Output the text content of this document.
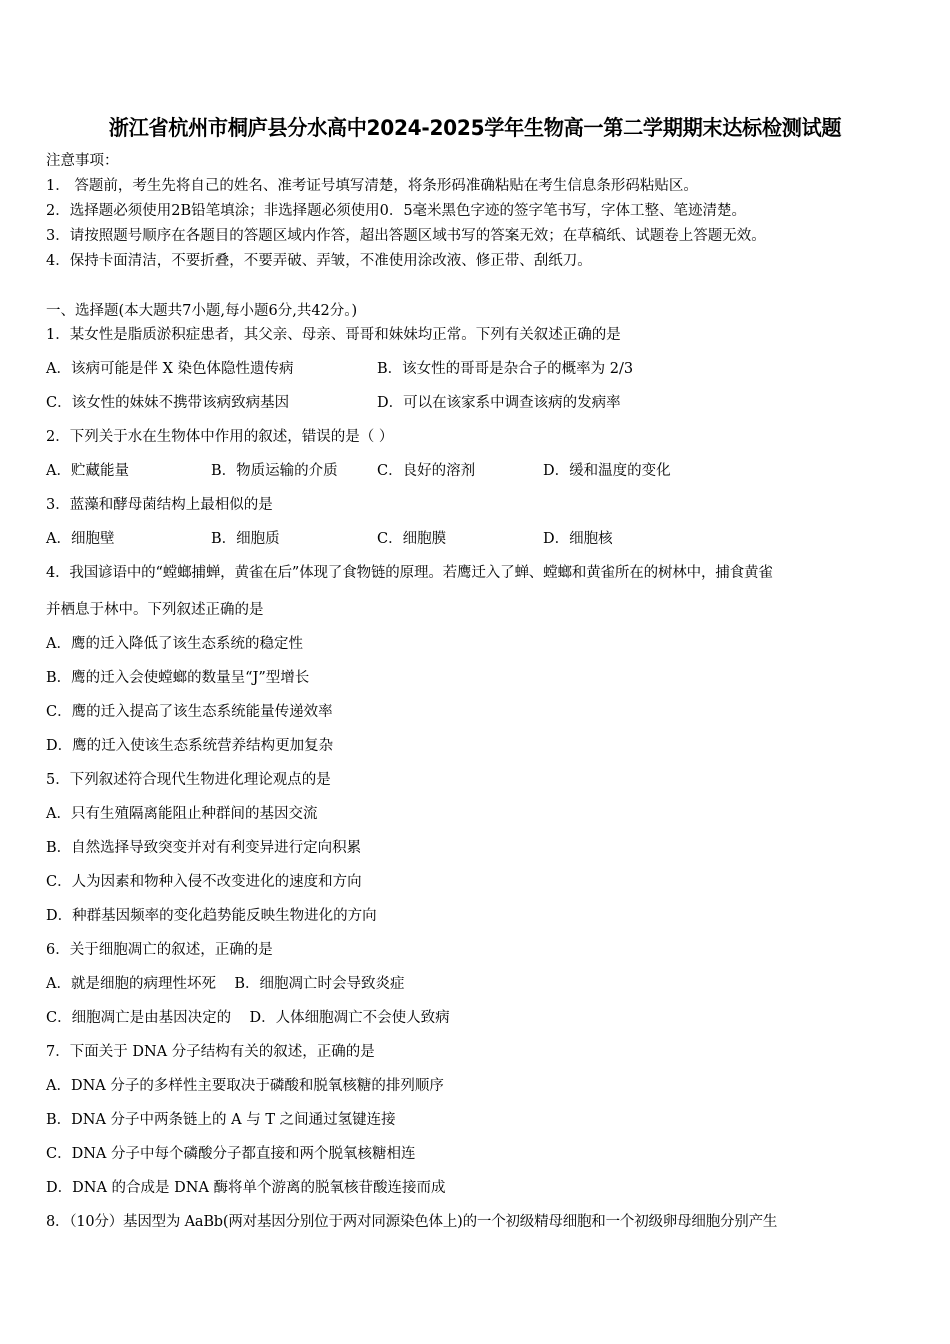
浙江省杭州市桐庐县分水高中2024-2025学年生物高一第二学期期末达标检测试题
注意事项：
1． 答题前，考生先将自己的姓名、准考证号填写清楚，将条形码准确粘贴在考生信息条形码粘贴区。
2．选择题必须使用2B铅笔填涂；非选择题必须使用0．5毫米黑色字迹的签字笔书写，字体工整、笔迹清楚。
3．请按照题号顺序在各题目的答题区域内作答，超出答题区域书写的答案无效；在草稿纸、试题卷上答题无效。
4．保持卡面清洁，不要折叠，不要弄破、弄皱，不准使用涂改液、修正带、刮纸刀。
一、选择题(本大题共7小题,每小题6分,共42分。)
1．某女性是脂质淤积症患者，其父亲、母亲、哥哥和妹妹均正常。下列有关叙述正确的是
A．该病可能是伴 X 染色体隐性遗传病	B．该女性的哥哥是杂合子的概率为 2/3
C．该女性的妹妹不携带该病致病基因	D．可以在该家系中调查该病的发病率
2．下列关于水在生物体中作用的叙述，错误的是（ ）
A．贮藏能量	B．物质运输的介质	C．良好的溶剂	D．缓和温度的变化
3．蓝藻和酵母菌结构上最相似的是
A．细胞壁	B．细胞质	C．细胞膜	D．细胞核
4．我国谚语中的“螳螂捕蝉，黄雀在后”体现了食物链的原理。若鹰迁入了蝉、螳螂和黄雀所在的树林中，捕食黄雀
并栖息于林中。下列叙述正确的是
A．鹰的迁入降低了该生态系统的稳定性
B．鹰的迁入会使螳螂的数量呈“J”型增长
C．鹰的迁入提高了该生态系统能量传递效率
D．鹰的迁入使该生态系统营养结构更加复杂
5．下列叙述符合现代生物进化理论观点的是
A．只有生殖隔离能阻止种群间的基因交流
B．自然选择导致突变并对有利变异进行定向积累
C．人为因素和物种入侵不改变进化的速度和方向
D．种群基因频率的变化趋势能反映生物进化的方向
6．关于细胞凋亡的叙述，正确的是
A．就是细胞的病理性坏死    B．细胞凋亡时会导致炎症
C．细胞凋亡是由基因决定的    D．人体细胞凋亡不会使人致病
7．下面关于 DNA 分子结构有关的叙述，正确的是
A．DNA 分子的多样性主要取决于磷酸和脱氧核糖的排列顺序
B．DNA 分子中两条链上的 A 与 T 之间通过氢键连接
C．DNA 分子中每个磷酸分子都直接和两个脱氧核糖相连
D．DNA 的合成是 DNA 酶将单个游离的脱氧核苷酸连接而成
8．（10分）基因型为 AaBb(两对基因分别位于两对同源染色体上)的一个初级精母细胞和一个初级卵母细胞分别产生
